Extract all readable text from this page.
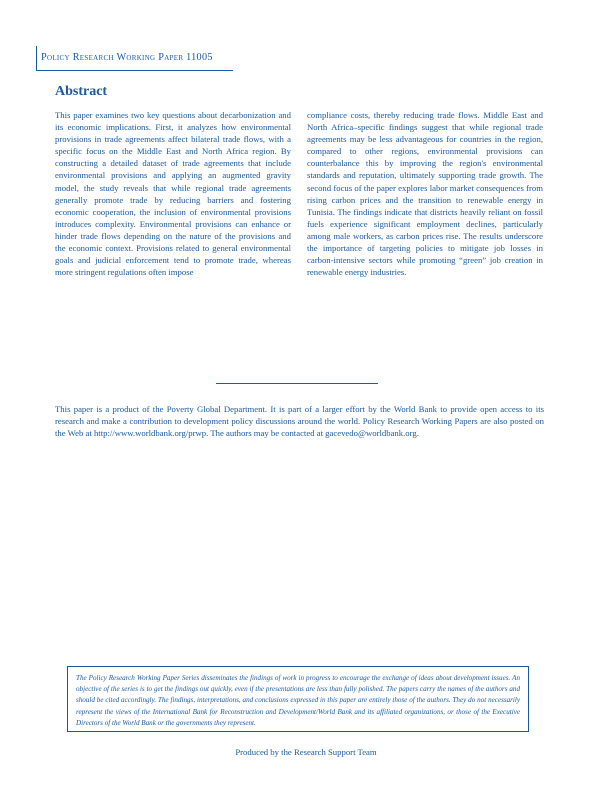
Policy Research Working Paper 11005
Abstract

This paper examines two key questions about decarbonization and its economic implications. First, it analyzes how environmental provisions in trade agreements affect bilateral trade flows, with a specific focus on the Middle East and North Africa region. By constructing a detailed dataset of trade agreements that include environmental provisions and applying an augmented gravity model, the study reveals that while regional trade agreements generally promote trade by reducing barriers and fostering economic cooperation, the inclusion of environmental provisions introduces complexity. Environmental provisions can enhance or hinder trade flows depending on the nature of the provisions and the economic context. Provisions related to general environmental goals and judicial enforcement tend to promote trade, whereas more stringent regulations often impose

compliance costs, thereby reducing trade flows. Middle East and North Africa–specific findings suggest that while regional trade agreements may be less advantageous for countries in the region, compared to other regions, environmental provisions can counterbalance this by improving the region's environmental standards and reputation, ultimately supporting trade growth. The second focus of the paper explores labor market consequences from rising carbon prices and the transition to renewable energy in Tunisia. The findings indicate that districts heavily reliant on fossil fuels experience significant employment declines, particularly among male workers, as carbon prices rise. The results underscore the importance of targeting policies to mitigate job losses in carbon-intensive sectors while promoting “green” job creation in renewable energy industries.

This paper is a product of the Poverty Global Department. It is part of a larger effort by the World Bank to provide open access to its research and make a contribution to development policy discussions around the world. Policy Research Working Papers are also posted on the Web at http://www.worldbank.org/prwp. The authors may be contacted at gacevedo@worldbank.org.

The Policy Research Working Paper Series disseminates the findings of work in progress to encourage the exchange of ideas about development issues. An objective of the series is to get the findings out quickly, even if the presentations are less than fully polished. The papers carry the names of the authors and should be cited accordingly. The findings, interpretations, and conclusions expressed in this paper are entirely those of the authors. They do not necessarily represent the views of the International Bank for Reconstruction and Development/World Bank and its affiliated organizations, or those of the Executive Directors of the World Bank or the governments they represent.

Produced by the Research Support Team
